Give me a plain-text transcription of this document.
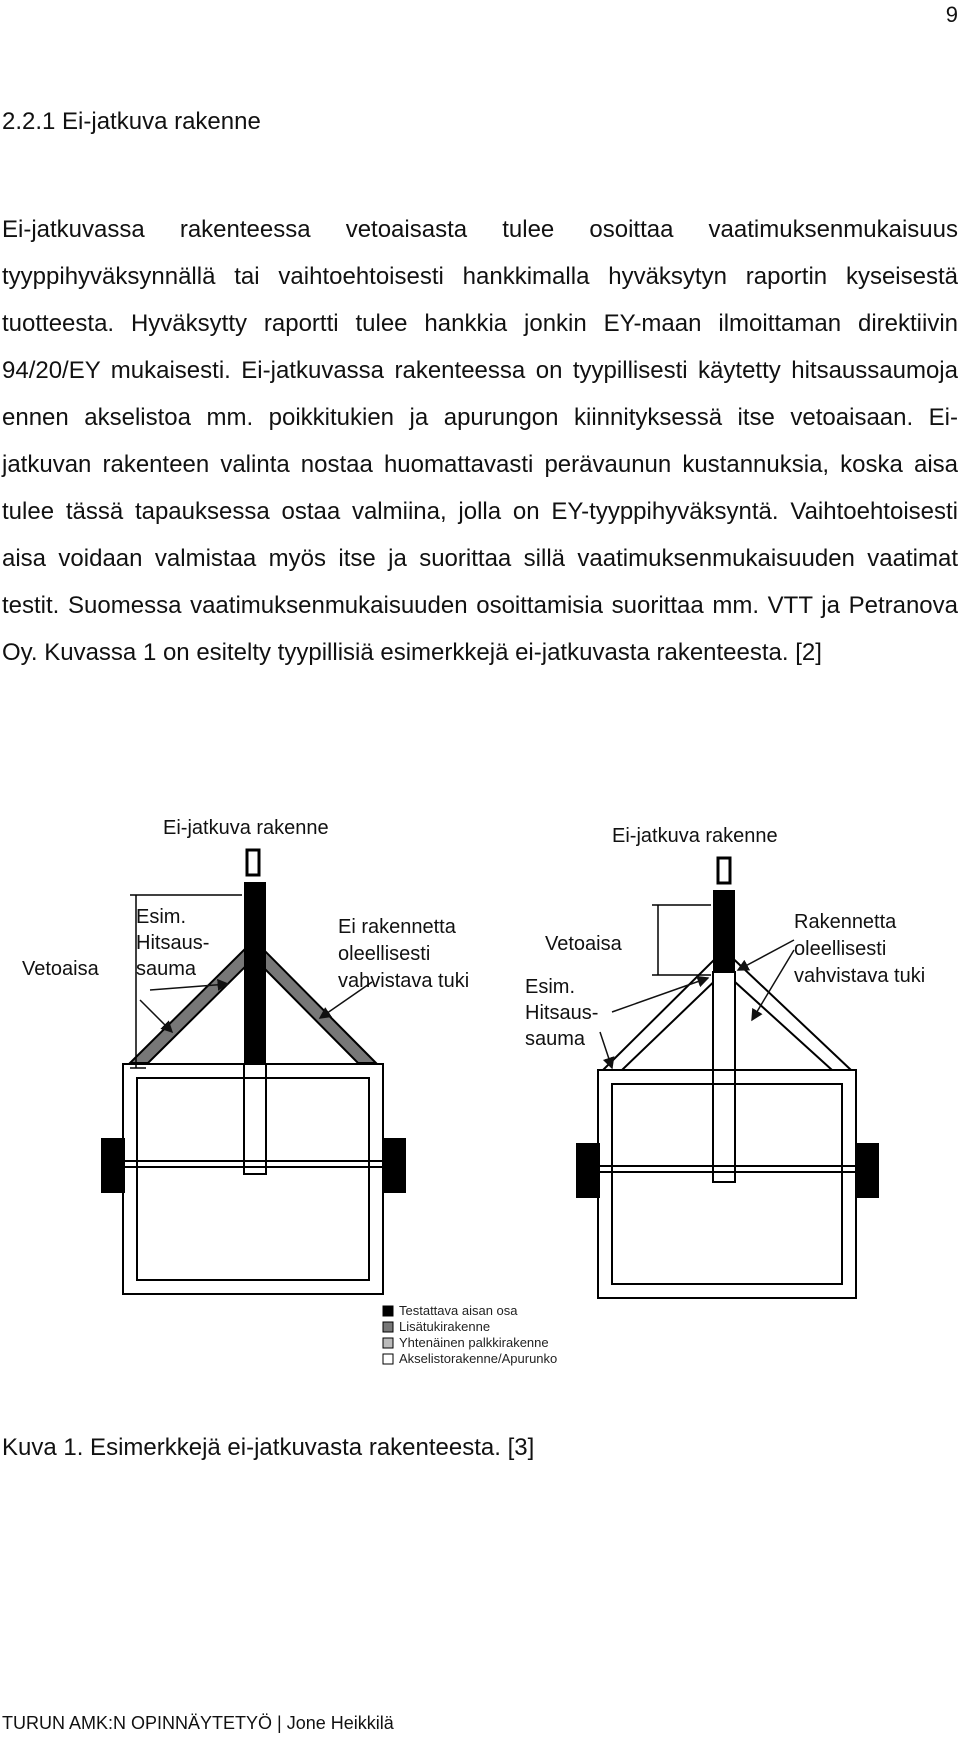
9
2.2.1 Ei-jatkuva rakenne

Ei-jatkuvassa rakenteessa vetoaisasta tulee osoittaa vaatimuksenmukaisuus tyyppihyväksynnällä tai vaihtoehtoisesti hankkimalla hyväksytyn raportin kyseisestä tuotteesta. Hyväksytty raportti tulee hankkia jonkin EY-maan ilmoittaman direktiivin 94/20/EY mukaisesti. Ei-jatkuvassa rakenteessa on tyypillisesti käytetty hitsaussaumoja ennen akselistoa mm. poikkitukien ja apurungon kiinnityksessä itse vetoaisaan. Ei-jatkuvan rakenteen valinta nostaa huomattavasti perävaunun kustannuksia, koska aisa tulee tässä tapauksessa ostaa valmiina, jolla on EY-tyyppihyväksyntä. Vaihtoehtoisesti aisa voidaan valmistaa myös itse ja suorittaa sillä vaatimuksenmukaisuuden vaatimat testit. Suomessa vaatimuksenmukaisuuden osoittamisia suorittaa mm. VTT ja Petranova Oy. Kuvassa 1 on esitelty tyypillisiä esimerkkejä ei-jatkuvasta rakenteesta. [2]

Ei-jatkuva rakenne
Vetoaisa
Esim.
Hitsaus-
sauma
Ei rakennetta
oleellisesti
vahvistava tuki
Ei-jatkuva rakenne
Vetoaisa
Esim.
Hitsaus-
sauma
Rakennetta
oleellisesti
vahvistava tuki
Testattava aisan osa
Lisätukirakenne
Yhtenäinen palkkirakenne
Akselistorakenne/Apurunko

Kuva 1. Esimerkkejä ei-jatkuvasta rakenteesta. [3]

TURUN AMK:N OPINNÄYTETYÖ | Jone Heikkilä
